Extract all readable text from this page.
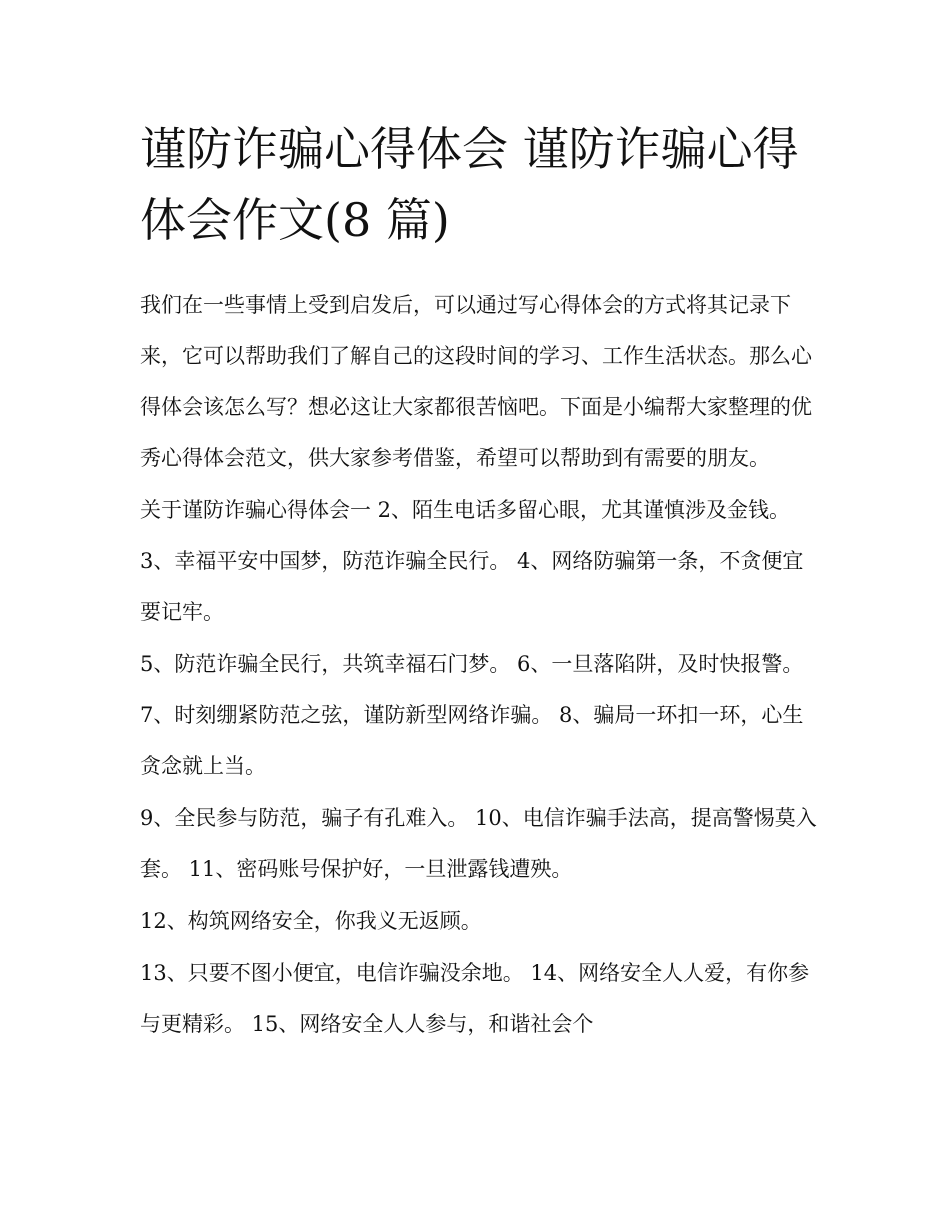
谨防诈骗心得体会 谨防诈骗心得体会作文(8 篇)

我们在一些事情上受到启发后，可以通过写心得体会的方式将其记录下来，它可以帮助我们了解自己的这段时间的学习、工作生活状态。那么心得体会该怎么写？想必这让大家都很苦恼吧。下面是小编帮大家整理的优秀心得体会范文，供大家参考借鉴，希望可以帮助到有需要的朋友。

关于谨防诈骗心得体会一 2、陌生电话多留心眼，尤其谨慎涉及金钱。 3、幸福平安中国梦，防范诈骗全民行。 4、网络防骗第一条，不贪便宜要记牢。

5、防范诈骗全民行，共筑幸福石门梦。 6、一旦落陷阱，及时快报警。 7、时刻绷紧防范之弦，谨防新型网络诈骗。 8、骗局一环扣一环，心生贪念就上当。

9、全民参与防范，骗子有孔难入。 10、电信诈骗手法高，提高警惕莫入套。 11、密码账号保护好，一旦泄露钱遭殃。

12、构筑网络安全，你我义无返顾。

13、只要不图小便宜，电信诈骗没余地。 14、网络安全人人爱，有你参与更精彩。 15、网络安全人人参与，和谐社会个
